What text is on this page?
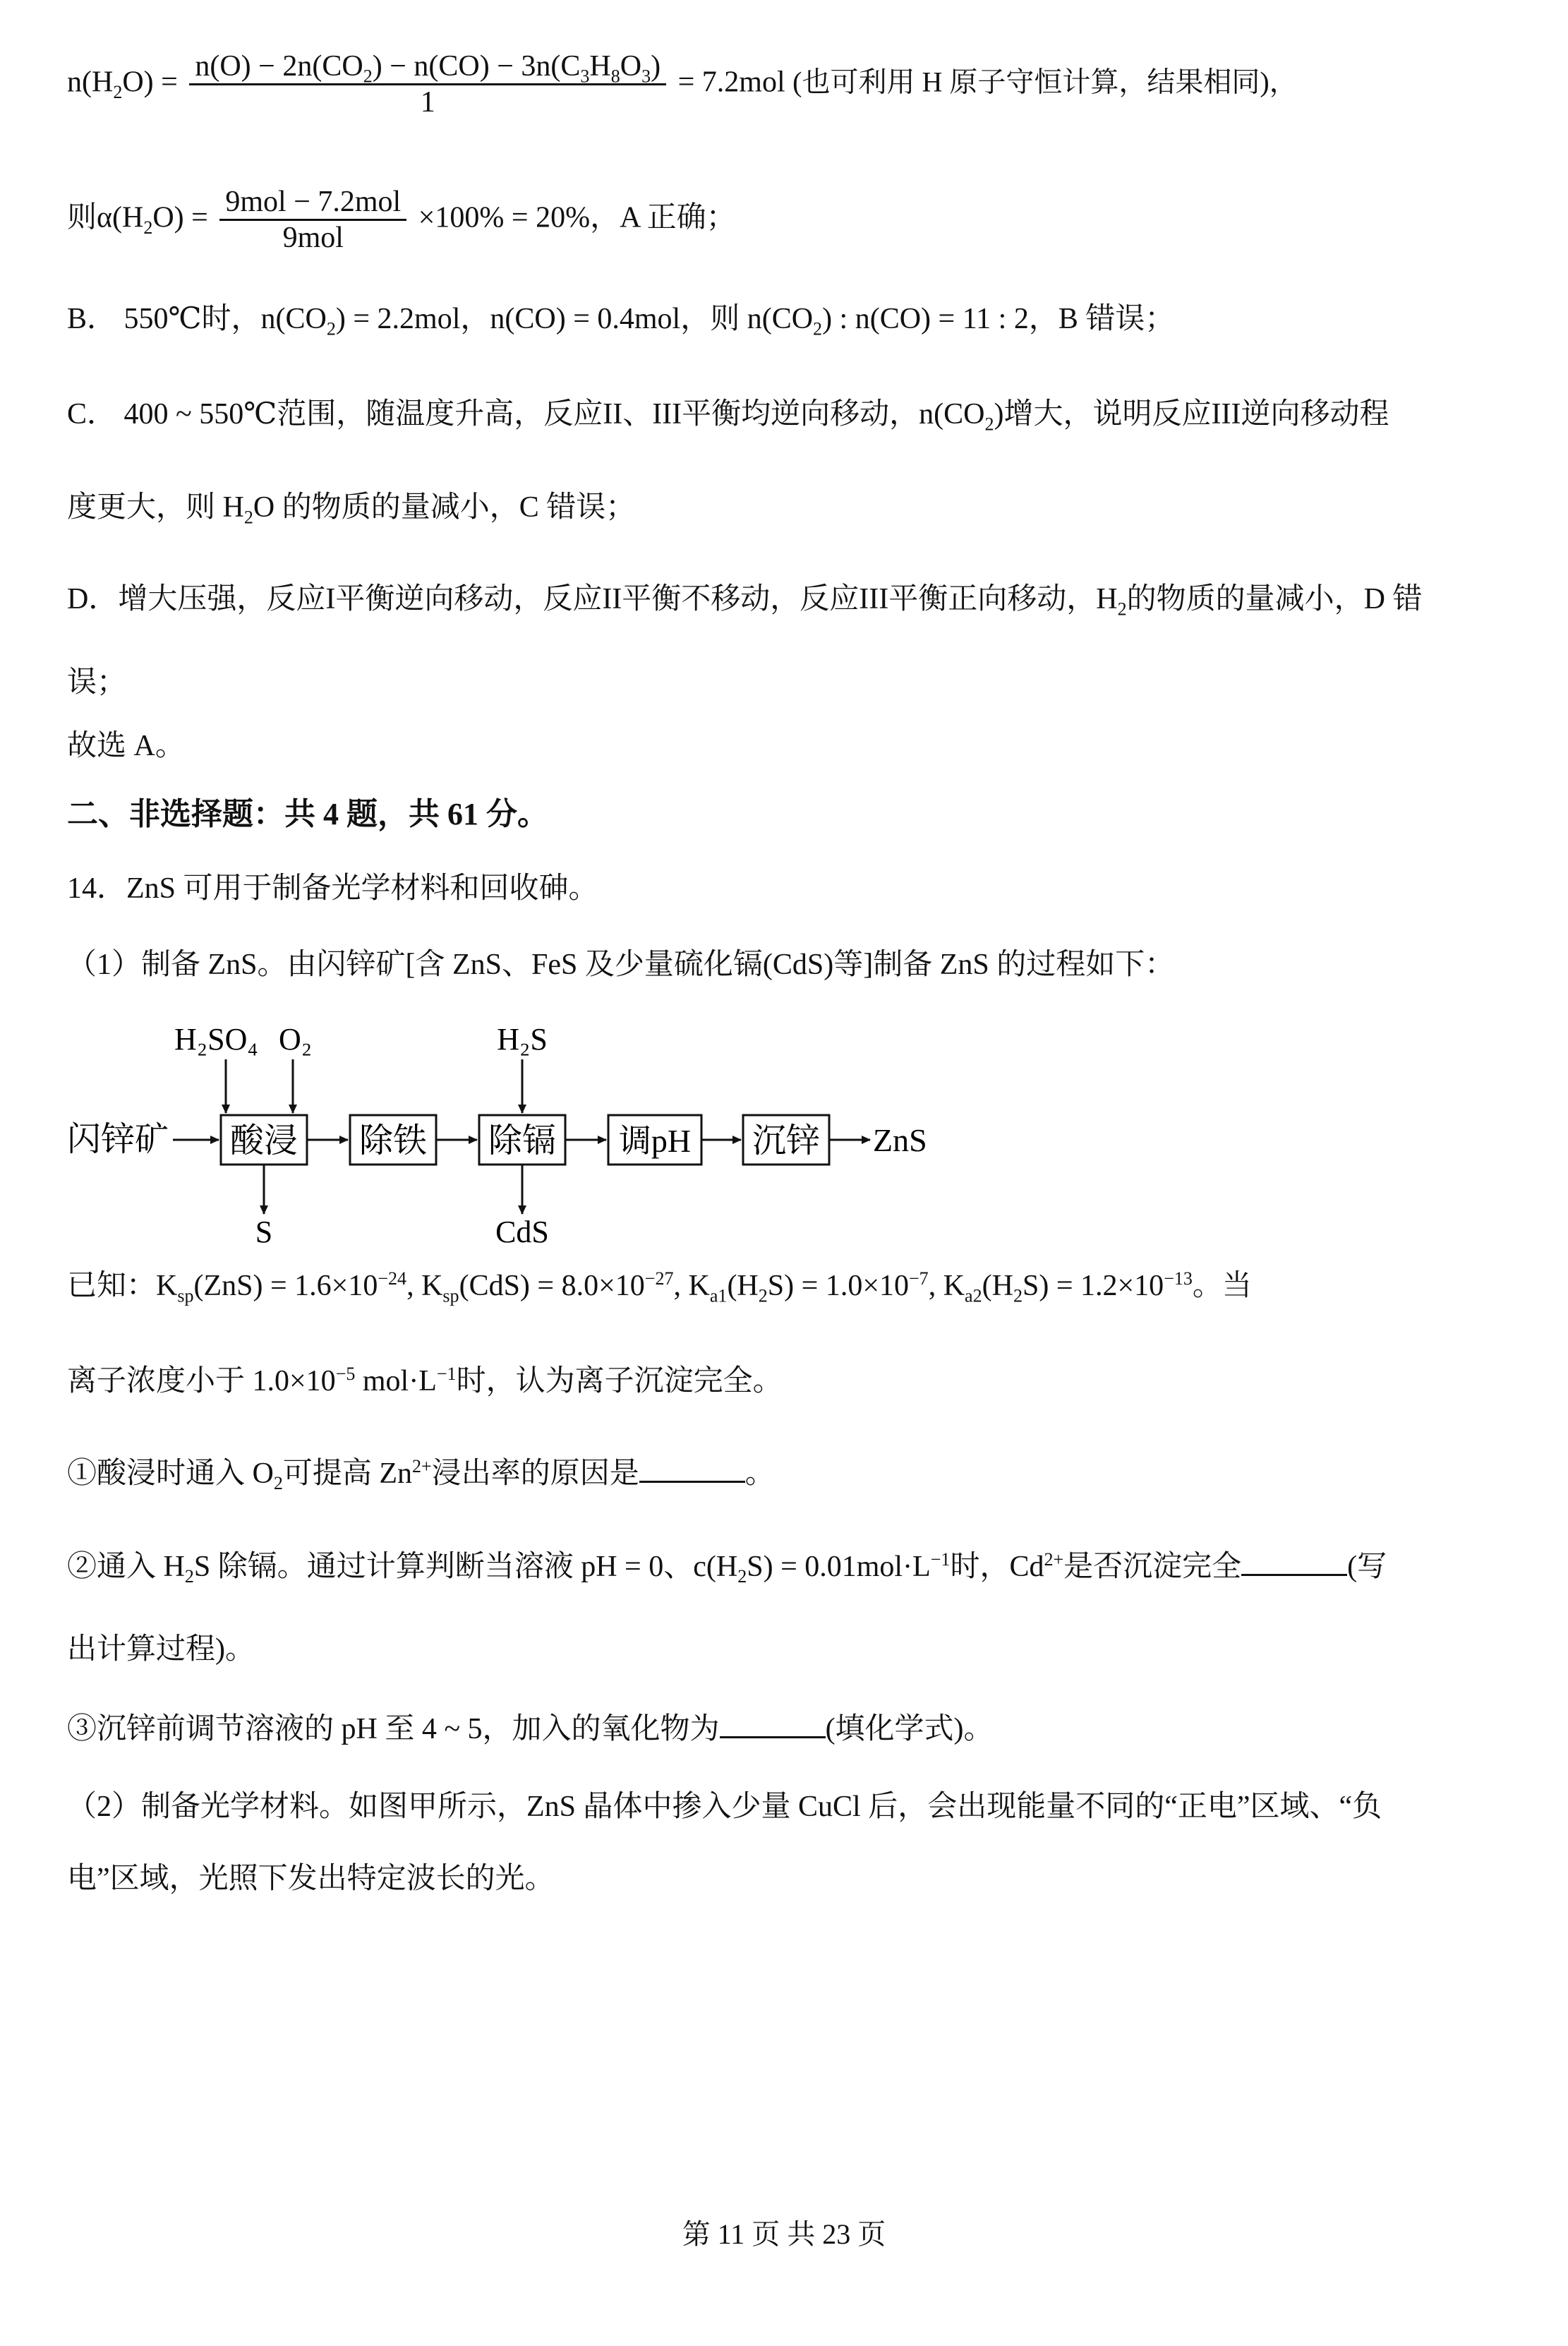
$n(H_2O) = \frac{n(O) - 2n(CO_2) - n(CO) - 3n(C_3H_8O_3)}{1} = 7.2mol$ (也可利用 H 原子守恒计算，结果相同)，
则$\alpha(H_2O) = \frac{\text{9mol − 7.2mol}}{\text{9mol}} \times 100\% = 20\%$，A 正确；
B． 550℃时，$n(CO_2) = 2.2mol$，n(CO) = 0.4mol，则 $n(CO_2)$ : n(CO) = 11 : 2，B 错误；
C． 400 ~ 550℃范围，随温度升高，反应II、III平衡均逆向移动，$n(CO_2)$增大，说明反应III逆向移动程
度更大，则 $H_2O$ 的物质的量减小，C 错误；
D．增大压强，反应I平衡逆向移动，反应II平衡不移动，反应III平衡正向移动，$H_2$的物质的量减小，D 错
误；
故选 A。
二、非选择题：共 4 题，共 61 分。
14．ZnS 可用于制备光学材料和回收砷。
（1）制备 ZnS。由闪锌矿[含 ZnS、FeS 及少量硫化镉(CdS)等]制备 ZnS 的过程如下：
闪锌矿 酸浸 除铁 除镉 调pH 沉锌 ZnS
H₂SO₄ O₂
S
H₂S
CdS
已知：$K_{sp}(ZnS) = 1.6\times 10^{-24}$, $K_{sp}(CdS) = 8.0\times 10^{-27}$, $K_{a1}(H_2S) = 1.0\times 10^{-7}$, $K_{a2}(H_2S) = 1.2\times 10^{-13}$。当
离子浓度小于 $1.0\times 10^{-5}$ $mol\cdot L^{-1}$时，认为离子沉淀完全。
①酸浸时通入 $O_2$可提高 $Zn^{2+}$浸出率的原因是	。
②通入 $H_2S$ 除镉。通过计算判断当溶液 pH = 0、$c(H_2S) = 0.01mol\cdot L^{-1}$时，$Cd^{2+}$是否沉淀完全	(写
出计算过程)。
③沉锌前调节溶液的 pH 至 4 ~ 5，加入的氧化物为	(填化学式)。
（2）制备光学材料。如图甲所示，ZnS 晶体中掺入少量 CuCl 后，会出现能量不同的“正电”区域、“负
电”区域，光照下发出特定波长的光。
第 11 页 共 23 页
